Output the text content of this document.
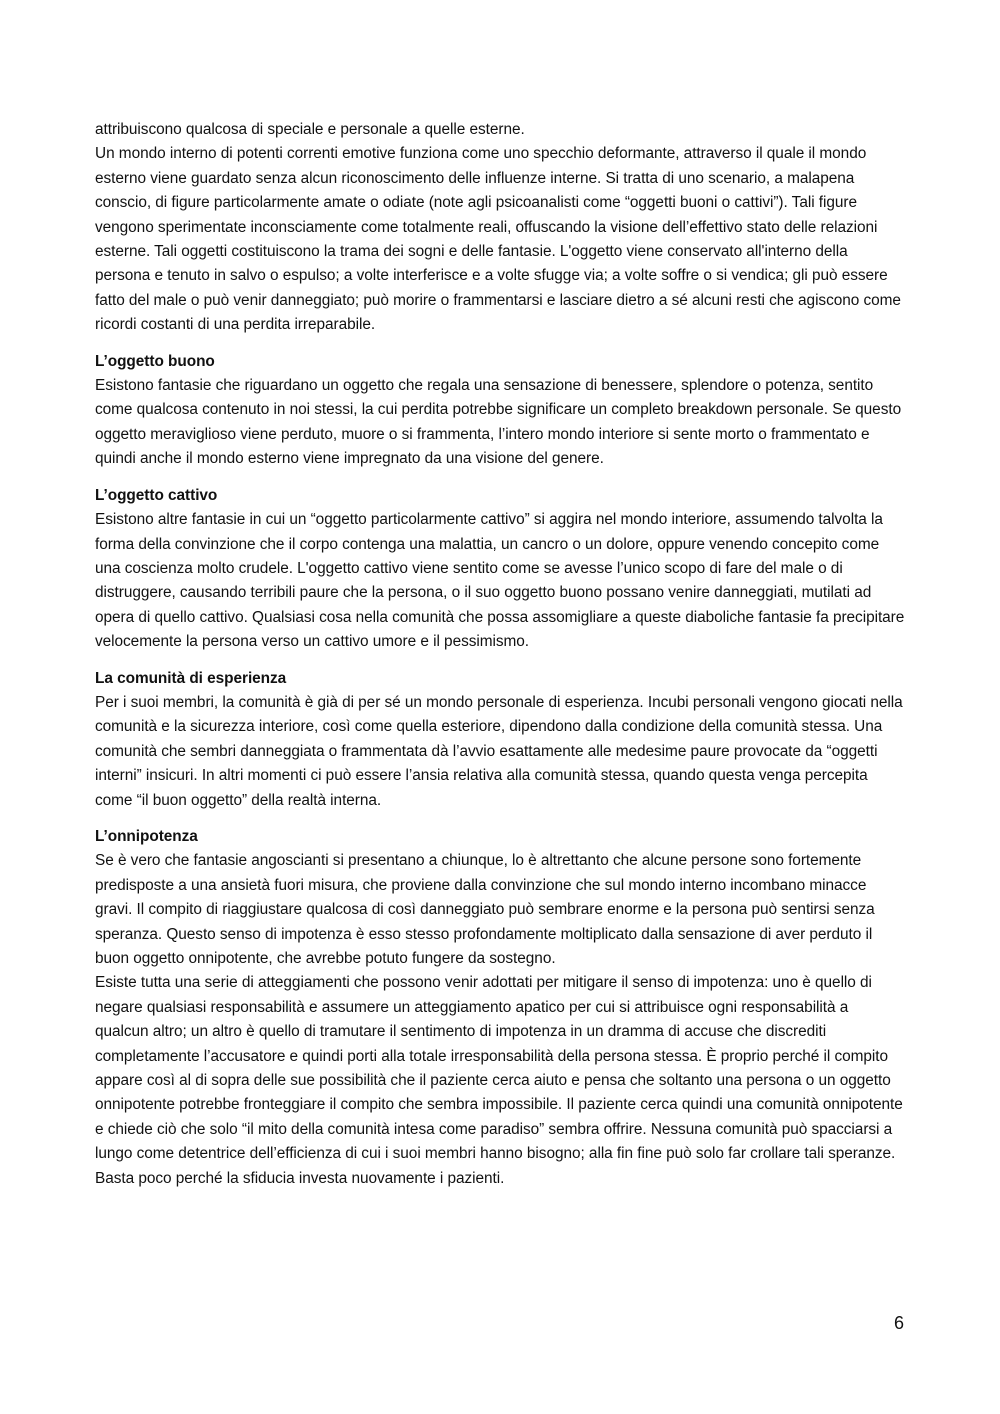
attribuiscono qualcosa di speciale e personale a quelle esterne.

Un mondo interno di potenti correnti emotive funziona come uno specchio deformante, attraverso il quale il mondo esterno viene guardato senza alcun riconoscimento delle influenze interne. Si tratta di uno scenario, a malapena conscio, di figure particolarmente amate o odiate (note agli psicoanalisti come “oggetti buoni o cattivi”). Tali figure vengono sperimentate inconsciamente come totalmente reali, offuscando la visione dell’effettivo stato delle relazioni esterne. Tali oggetti costituiscono la trama dei sogni e delle fantasie. L'oggetto viene conservato all'interno della persona e tenuto in salvo o espulso; a volte interferisce e a volte sfugge via; a volte soffre o si vendica; gli può essere fatto del male o può venir danneggiato; può morire o frammentarsi e lasciare dietro a sé alcuni resti che agiscono come ricordi costanti di una perdita irreparabile.

L’oggetto buono

Esistono fantasie che riguardano un oggetto che regala una sensazione di benessere, splendore o potenza, sentito come qualcosa contenuto in noi stessi, la cui perdita potrebbe significare un completo breakdown personale. Se questo oggetto meraviglioso viene perduto, muore o si frammenta, l’intero mondo interiore si sente morto o frammentato e quindi anche il mondo esterno viene impregnato da una visione del genere.

L’oggetto cattivo

Esistono altre fantasie in cui un “oggetto particolarmente cattivo” si aggira nel mondo interiore, assumendo talvolta la forma della convinzione che il corpo contenga una malattia, un cancro o un dolore, oppure venendo concepito come una coscienza molto crudele. L'oggetto cattivo viene sentito come se avesse l’unico scopo di fare del male o di distruggere, causando terribili paure che la persona, o il suo oggetto buono possano venire danneggiati, mutilati ad opera di quello cattivo. Qualsiasi cosa nella comunità che possa assomigliare a queste diaboliche fantasie fa precipitare velocemente la persona verso un cattivo umore e il pessimismo.

La comunità di esperienza

Per i suoi membri, la comunità è già di per sé un mondo personale di esperienza. Incubi personali vengono giocati nella comunità e la sicurezza interiore, così come quella esteriore, dipendono dalla condizione della comunità stessa. Una comunità che sembri danneggiata o frammentata dà l’avvio esattamente alle medesime paure provocate da “oggetti interni” insicuri. In altri momenti ci può essere l’ansia relativa alla comunità stessa, quando questa venga percepita come “il buon oggetto” della realtà interna.

L’onnipotenza

Se è vero che fantasie angoscianti si presentano a chiunque, lo è altrettanto che alcune persone sono fortemente predisposte a una ansietà fuori misura, che proviene dalla convinzione che sul mondo interno incombano minacce gravi. Il compito di riaggiustare qualcosa di così danneggiato può sembrare enorme e la persona può sentirsi senza speranza. Questo senso di impotenza è esso stesso profondamente moltiplicato dalla sensazione di aver perduto il buon oggetto onnipotente, che avrebbe potuto fungere da sostegno.

Esiste tutta una serie di atteggiamenti che possono venir adottati per mitigare il senso di impotenza: uno è quello di negare qualsiasi responsabilità e assumere un atteggiamento apatico per cui si attribuisce ogni responsabilità a qualcun altro; un altro è quello di tramutare il sentimento di impotenza in un dramma di accuse che discrediti completamente l’accusatore e quindi porti alla totale irresponsabilità della persona stessa. È proprio perché il compito appare così al di sopra delle sue possibilità che il paziente cerca aiuto e pensa che soltanto una persona o un oggetto onnipotente potrebbe fronteggiare il compito che sembra impossibile. Il paziente cerca quindi una comunità onnipotente e chiede ciò che solo “il mito della comunità intesa come paradiso” sembra offrire. Nessuna comunità può spacciarsi a lungo come detentrice dell’efficienza di cui i suoi membri hanno bisogno; alla fin fine può solo far crollare tali speranze. Basta poco perché la sfiducia investa nuovamente i pazienti.

6
